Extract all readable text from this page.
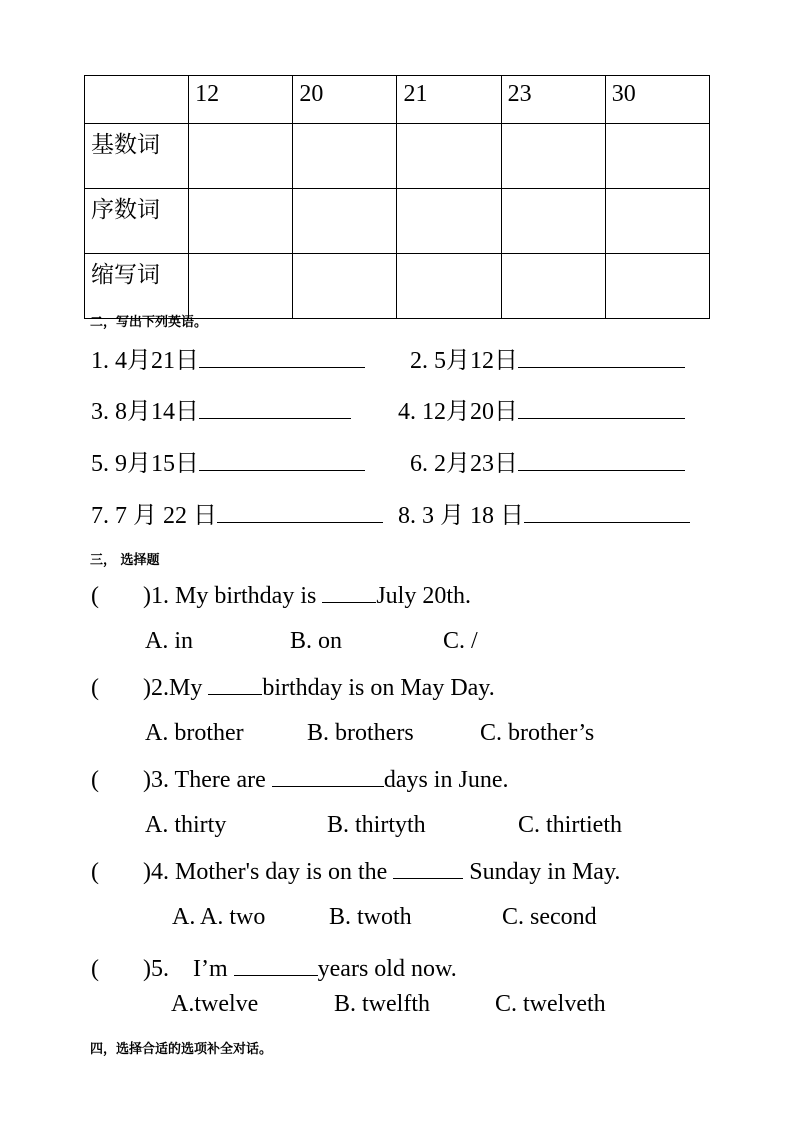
	12	20	21	23	30
基数词					
序数词					
缩写词					
二，写出下列英语。
1. 4月21日	2. 5月12日
3. 8月14日	4. 12月20日
5. 9月15日	6. 2月23日
7. 7 月 22 日	8. 3 月 18 日
三， 选择题
( )1. My birthday is July 20th.
A. in	B. on	C. /
( )2.My birthday is on May Day.
A. brother	B. brothers	C. brother’s
( )3. There are	days in June.
A. thirty	B. thirtyth	C. thirtieth
( )4. Mother's day is on the	Sunday in May.
A. A. two	B. twoth	C. second
( )5.    I’m	years old now.
A.twelve	B. twelfth	C. twelveth
四，选择合适的选项补全对话。
